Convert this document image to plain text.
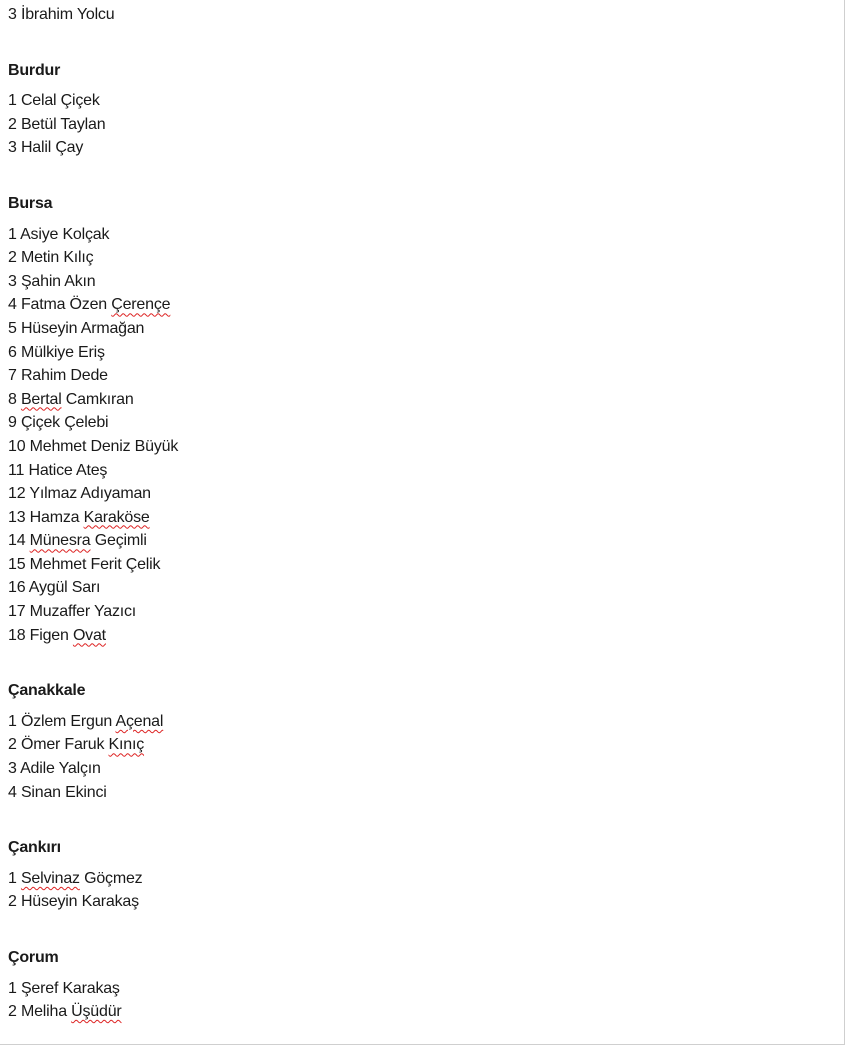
3 İbrahim Yolcu
Burdur
1 Celal Çiçek
2 Betül Taylan
3 Halil Çay
Bursa
1 Asiye Kolçak
2 Metin Kılıç
3 Şahin Akın
4 Fatma Özen Çerençe
5 Hüseyin Armağan
6 Mülkiye Eriş
7 Rahim Dede
8 Bertal Camkıran
9 Çiçek Çelebi
10 Mehmet Deniz Büyük
11 Hatice Ateş
12 Yılmaz Adıyaman
13 Hamza Karaköse
14 Münesra Geçimli
15 Mehmet Ferit Çelik
16 Aygül Sarı
17 Muzaffer Yazıcı
18 Figen Ovat
Çanakkale
1 Özlem Ergun Açenal
2 Ömer Faruk Kınıç
3 Adile Yalçın
4 Sinan Ekinci
Çankırı
1 Selvinaz Göçmez
2 Hüseyin Karakaş
Çorum
1 Şeref Karakaş
2 Meliha Üşüdür
